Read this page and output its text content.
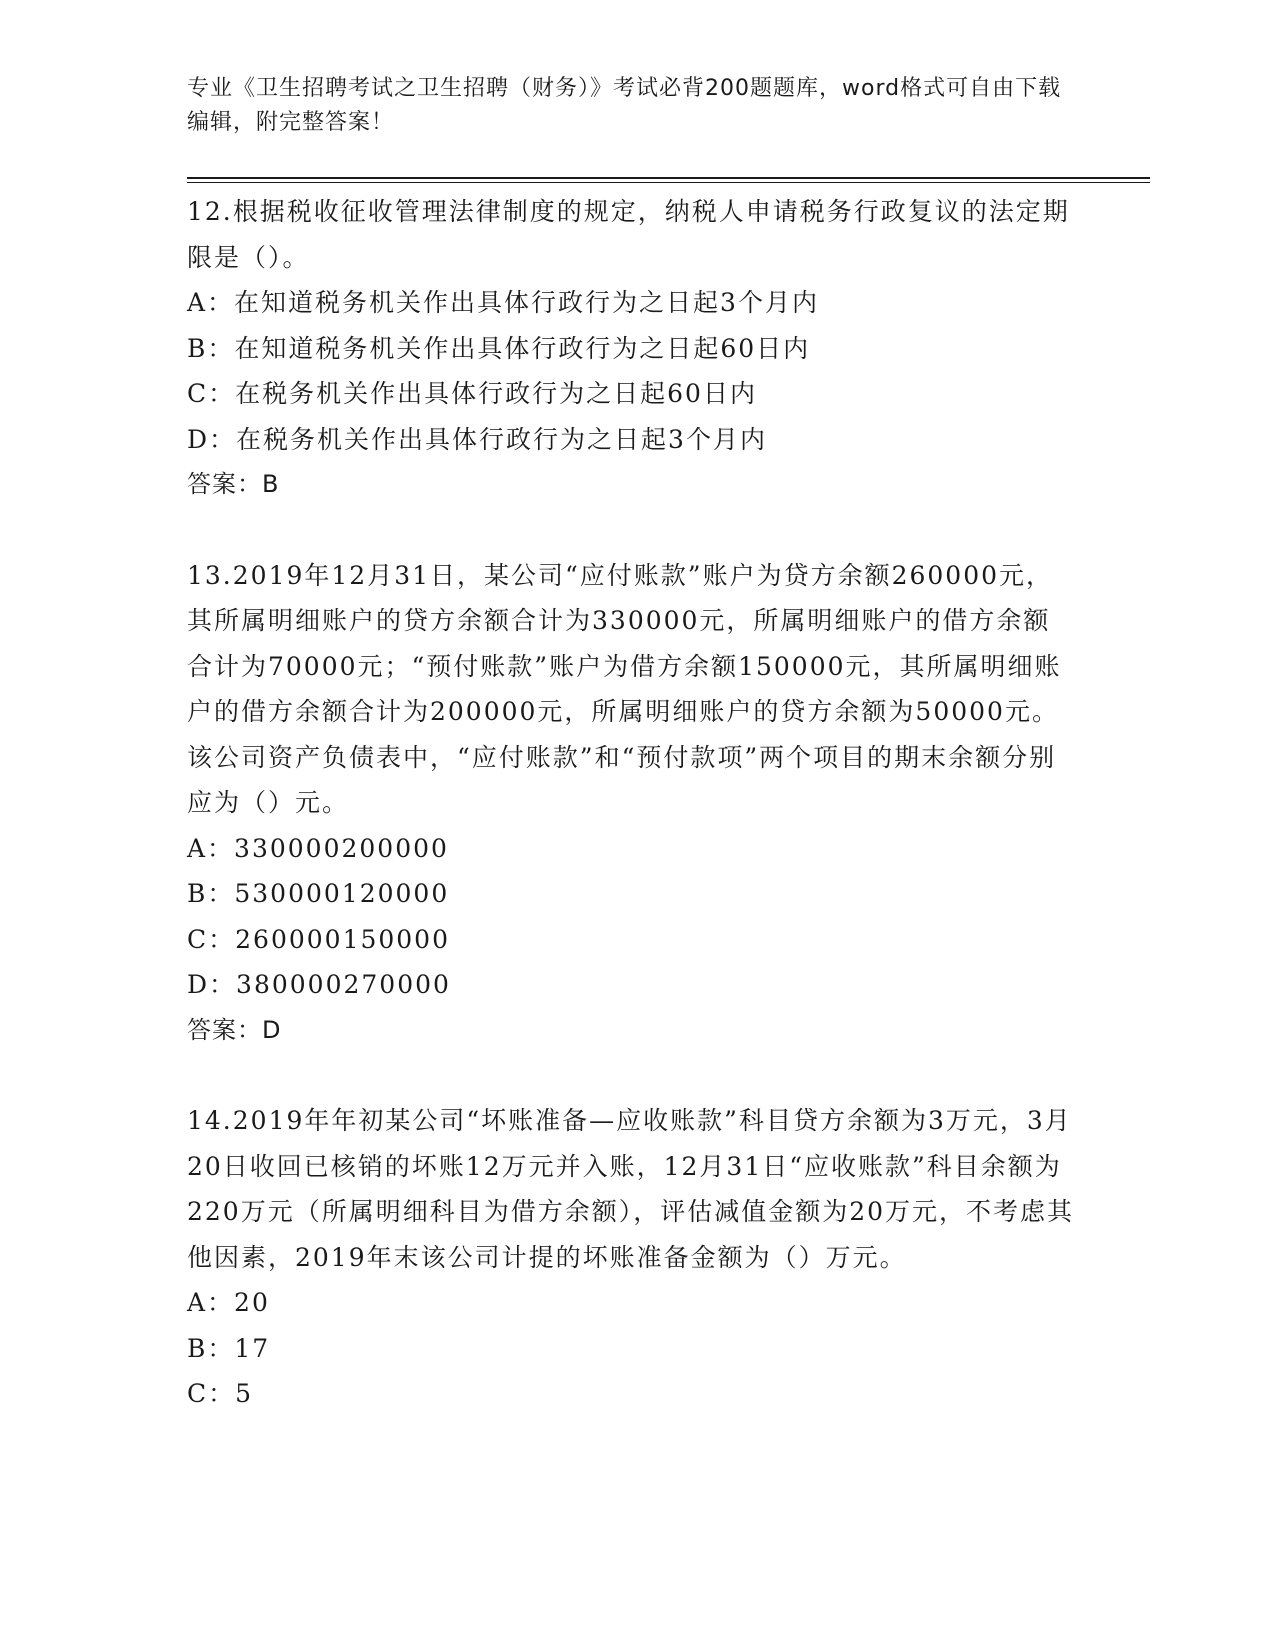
专业《卫生招聘考试之卫生招聘（财务）》考试必背200题题库，word格式可自由下载编辑，附完整答案！

12.根据税收征收管理法律制度的规定，纳税人申请税务行政复议的法定期限是（）。

A：在知道税务机关作出具体行政行为之日起3个月内

B：在知道税务机关作出具体行政行为之日起60日内

C：在税务机关作出具体行政行为之日起60日内

D：在税务机关作出具体行政行为之日起3个月内

答案：B

13.2019年12月31日，某公司“应付账款”账户为贷方余额260000元，其所属明细账户的贷方余额合计为330000元，所属明细账户的借方余额合计为70000元；“预付账款”账户为借方余额150000元，其所属明细账户的借方余额合计为200000元，所属明细账户的贷方余额为50000元。该公司资产负债表中，“应付账款”和“预付款项”两个项目的期末余额分别应为（）元。

A：330000200000

B：530000120000

C：260000150000

D：380000270000

答案：D

14.2019年年初某公司“坏账准备—应收账款”科目贷方余额为3万元，3月20日收回已核销的坏账12万元并入账，12月31日“应收账款”科目余额为220万元（所属明细科目为借方余额），评估减值金额为20万元，不考虑其他因素，2019年末该公司计提的坏账准备金额为（）万元。

A：20

B：17

C：5
